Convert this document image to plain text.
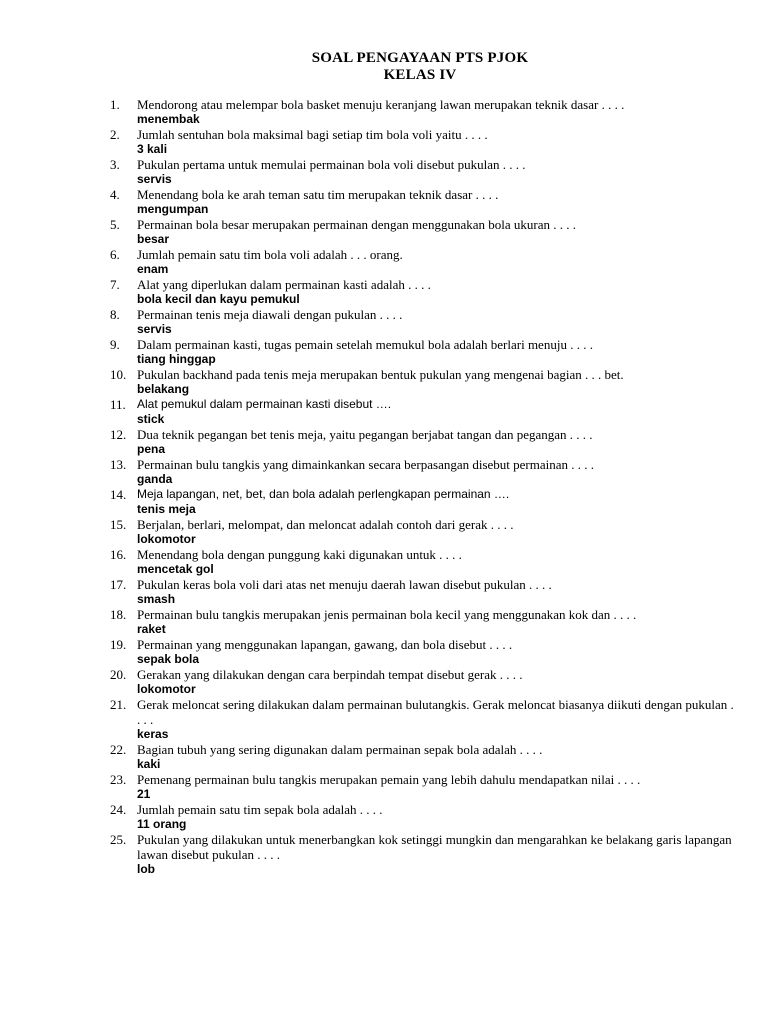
SOAL PENGAYAAN PTS PJOK
KELAS IV
1.	Mendorong atau melempar bola basket menuju keranjang lawan merupakan teknik dasar . . . .
menembak
2.	Jumlah sentuhan bola maksimal bagi setiap tim bola voli yaitu . . . .
3 kali
3.	Pukulan pertama untuk memulai permainan bola voli disebut pukulan . . . .
servis
4.	Menendang bola ke arah teman satu tim merupakan teknik dasar . . . .
mengumpan
5.	Permainan bola besar merupakan permainan dengan menggunakan bola ukuran . . . .
besar
6.	Jumlah pemain satu tim bola voli adalah . . . orang.
enam
7.	Alat yang diperlukan dalam permainan kasti adalah . . . .
bola kecil dan kayu pemukul
8.	Permainan tenis meja diawali dengan pukulan . . . .
servis
9.	Dalam permainan kasti, tugas pemain setelah memukul bola adalah berlari menuju . . . .
tiang hinggap
10. Pukulan backhand pada tenis meja merupakan bentuk pukulan yang mengenai bagian . . . bet.
belakang
11. Alat pemukul dalam permainan kasti disebut ….
stick
12. Dua teknik pegangan bet tenis meja, yaitu pegangan berjabat tangan dan pegangan . . . .
pena
13. Permainan bulu tangkis yang dimainkankan secara berpasangan disebut permainan . . . .
ganda
14. Meja lapangan, net, bet, dan bola adalah perlengkapan permainan ….
tenis meja
15. Berjalan, berlari, melompat, dan meloncat adalah contoh dari gerak . . . .
lokomotor
16. Menendang bola dengan punggung kaki digunakan untuk . . . .
mencetak gol
17. Pukulan keras bola voli dari atas net menuju daerah lawan disebut pukulan . . . .
smash
18. Permainan bulu tangkis merupakan jenis permainan bola kecil yang menggunakan kok dan . . . .
raket
19. Permainan yang menggunakan lapangan, gawang, dan bola disebut . . . .
sepak bola
20. Gerakan yang dilakukan dengan cara berpindah tempat disebut gerak . . . .
lokomotor
21. Gerak meloncat sering dilakukan dalam permainan bulutangkis. Gerak meloncat biasanya diikuti dengan pukulan . . . .
keras
22. Bagian tubuh yang sering digunakan dalam permainan sepak bola adalah . . . .
kaki
23. Pemenang permainan bulu tangkis merupakan pemain yang lebih dahulu mendapatkan nilai . . . .
21
24. Jumlah pemain satu tim sepak bola adalah . . . .
11 orang
25. Pukulan yang dilakukan untuk menerbangkan kok setinggi mungkin dan mengarahkan ke belakang garis lapangan lawan disebut pukulan . . . .
lob
